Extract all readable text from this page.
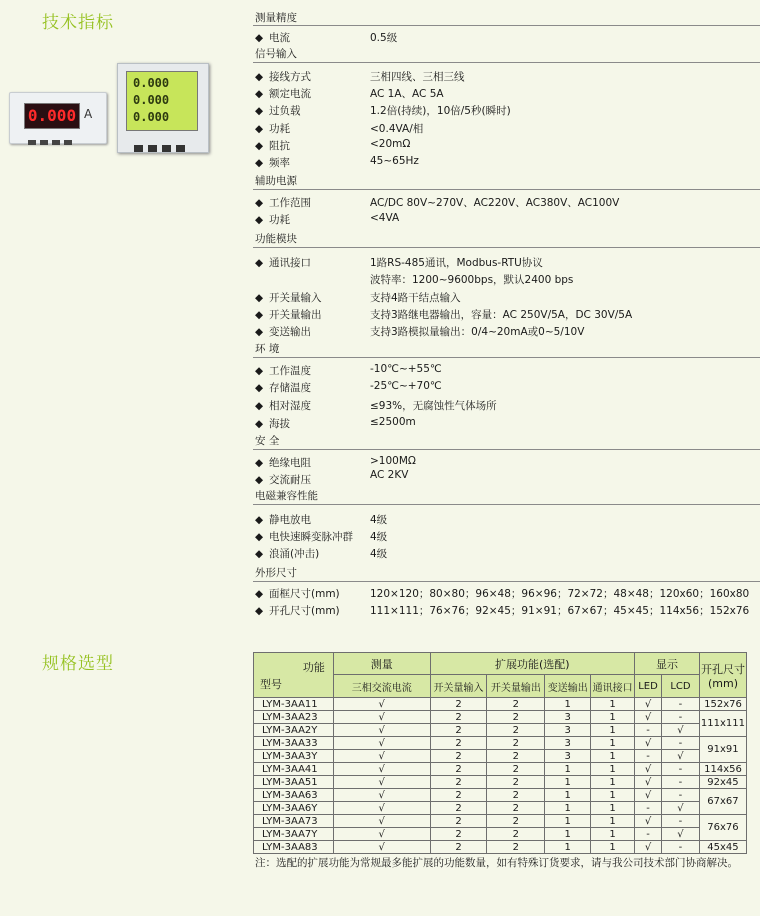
技术指标
规格选型
0.000 A
0.000
0.000
0.000
测量精度
◆ 电流	0.5级
信号输入
◆ 接线方式	三相四线、三相三线
◆ 额定电流	AC 1A、AC 5A
◆ 过负载	1.2倍(持续)，10倍/5秒(瞬时)
◆ 功耗	<0.4VA/相
◆ 阻抗	<20mΩ
◆ 频率	45~65Hz
辅助电源
◆ 工作范围	AC/DC 80V~270V、AC220V、AC380V、AC100V
◆ 功耗	<4VA
功能模块
◆ 通讯接口	1路RS-485通讯，Modbus-RTU协议
波特率：1200~9600bps，默认2400 bps
◆ 开关量输入	支持4路干结点输入
◆ 开关量输出	支持3路继电器输出，容量：AC 250V/5A，DC 30V/5A
◆ 变送输出	支持3路模拟量输出：0/4~20mA或0~5/10V
环 境
◆ 工作温度	-10℃~+55℃
◆ 存储温度	-25℃~+70℃
◆ 相对湿度	≤93%，无腐蚀性气体场所
◆ 海拔	≤2500m
安 全
◆ 绝缘电阻	>100MΩ
◆ 交流耐压	AC 2KV
电磁兼容性能
◆ 静电放电	4级
◆ 电快速瞬变脉冲群 4级
◆ 浪涌(冲击)	4级
外形尺寸
◆ 面框尺寸(mm)	120×120；80×80；96×48；96×96；72×72；48×48；120x60；160x80
◆ 开孔尺寸(mm)	111×111；76×76；92×45；91×91；67×67；45×45；114x56；152x76
功能
型号	测量	扩展功能(选配)				显示		开孔尺寸
(mm)
	三相交流电流	开关量输入	开关量输出	变送输出	通讯接口	LED	LCD	
LYM-3AA11	√	2	2	1	1	√	-	152x76
LYM-3AA23	√	2	2	3	1	√	-	111x111
LYM-3AA2Y	√	2	2	3	1	-	√	
LYM-3AA33	√	2	2	3	1	√	-	91x91
LYM-3AA3Y	√	2	2	3	1	-	√	
LYM-3AA41	√	2	2	1	1	√	-	114x56
LYM-3AA51	√	2	2	1	1	√	-	92x45
LYM-3AA63	√	2	2	1	1	√	-	67x67
LYM-3AA6Y	√	2	2	1	1	-	√	
LYM-3AA73	√	2	2	1	1	√	-	76x76
LYM-3AA7Y	√	2	2	1	1	-	√	
LYM-3AA83	√	2	2	1	1	√	-	45x45
注：选配的扩展功能为常规最多能扩展的功能数量，如有特殊订货要求，请与我公司技术部门协商解决。
